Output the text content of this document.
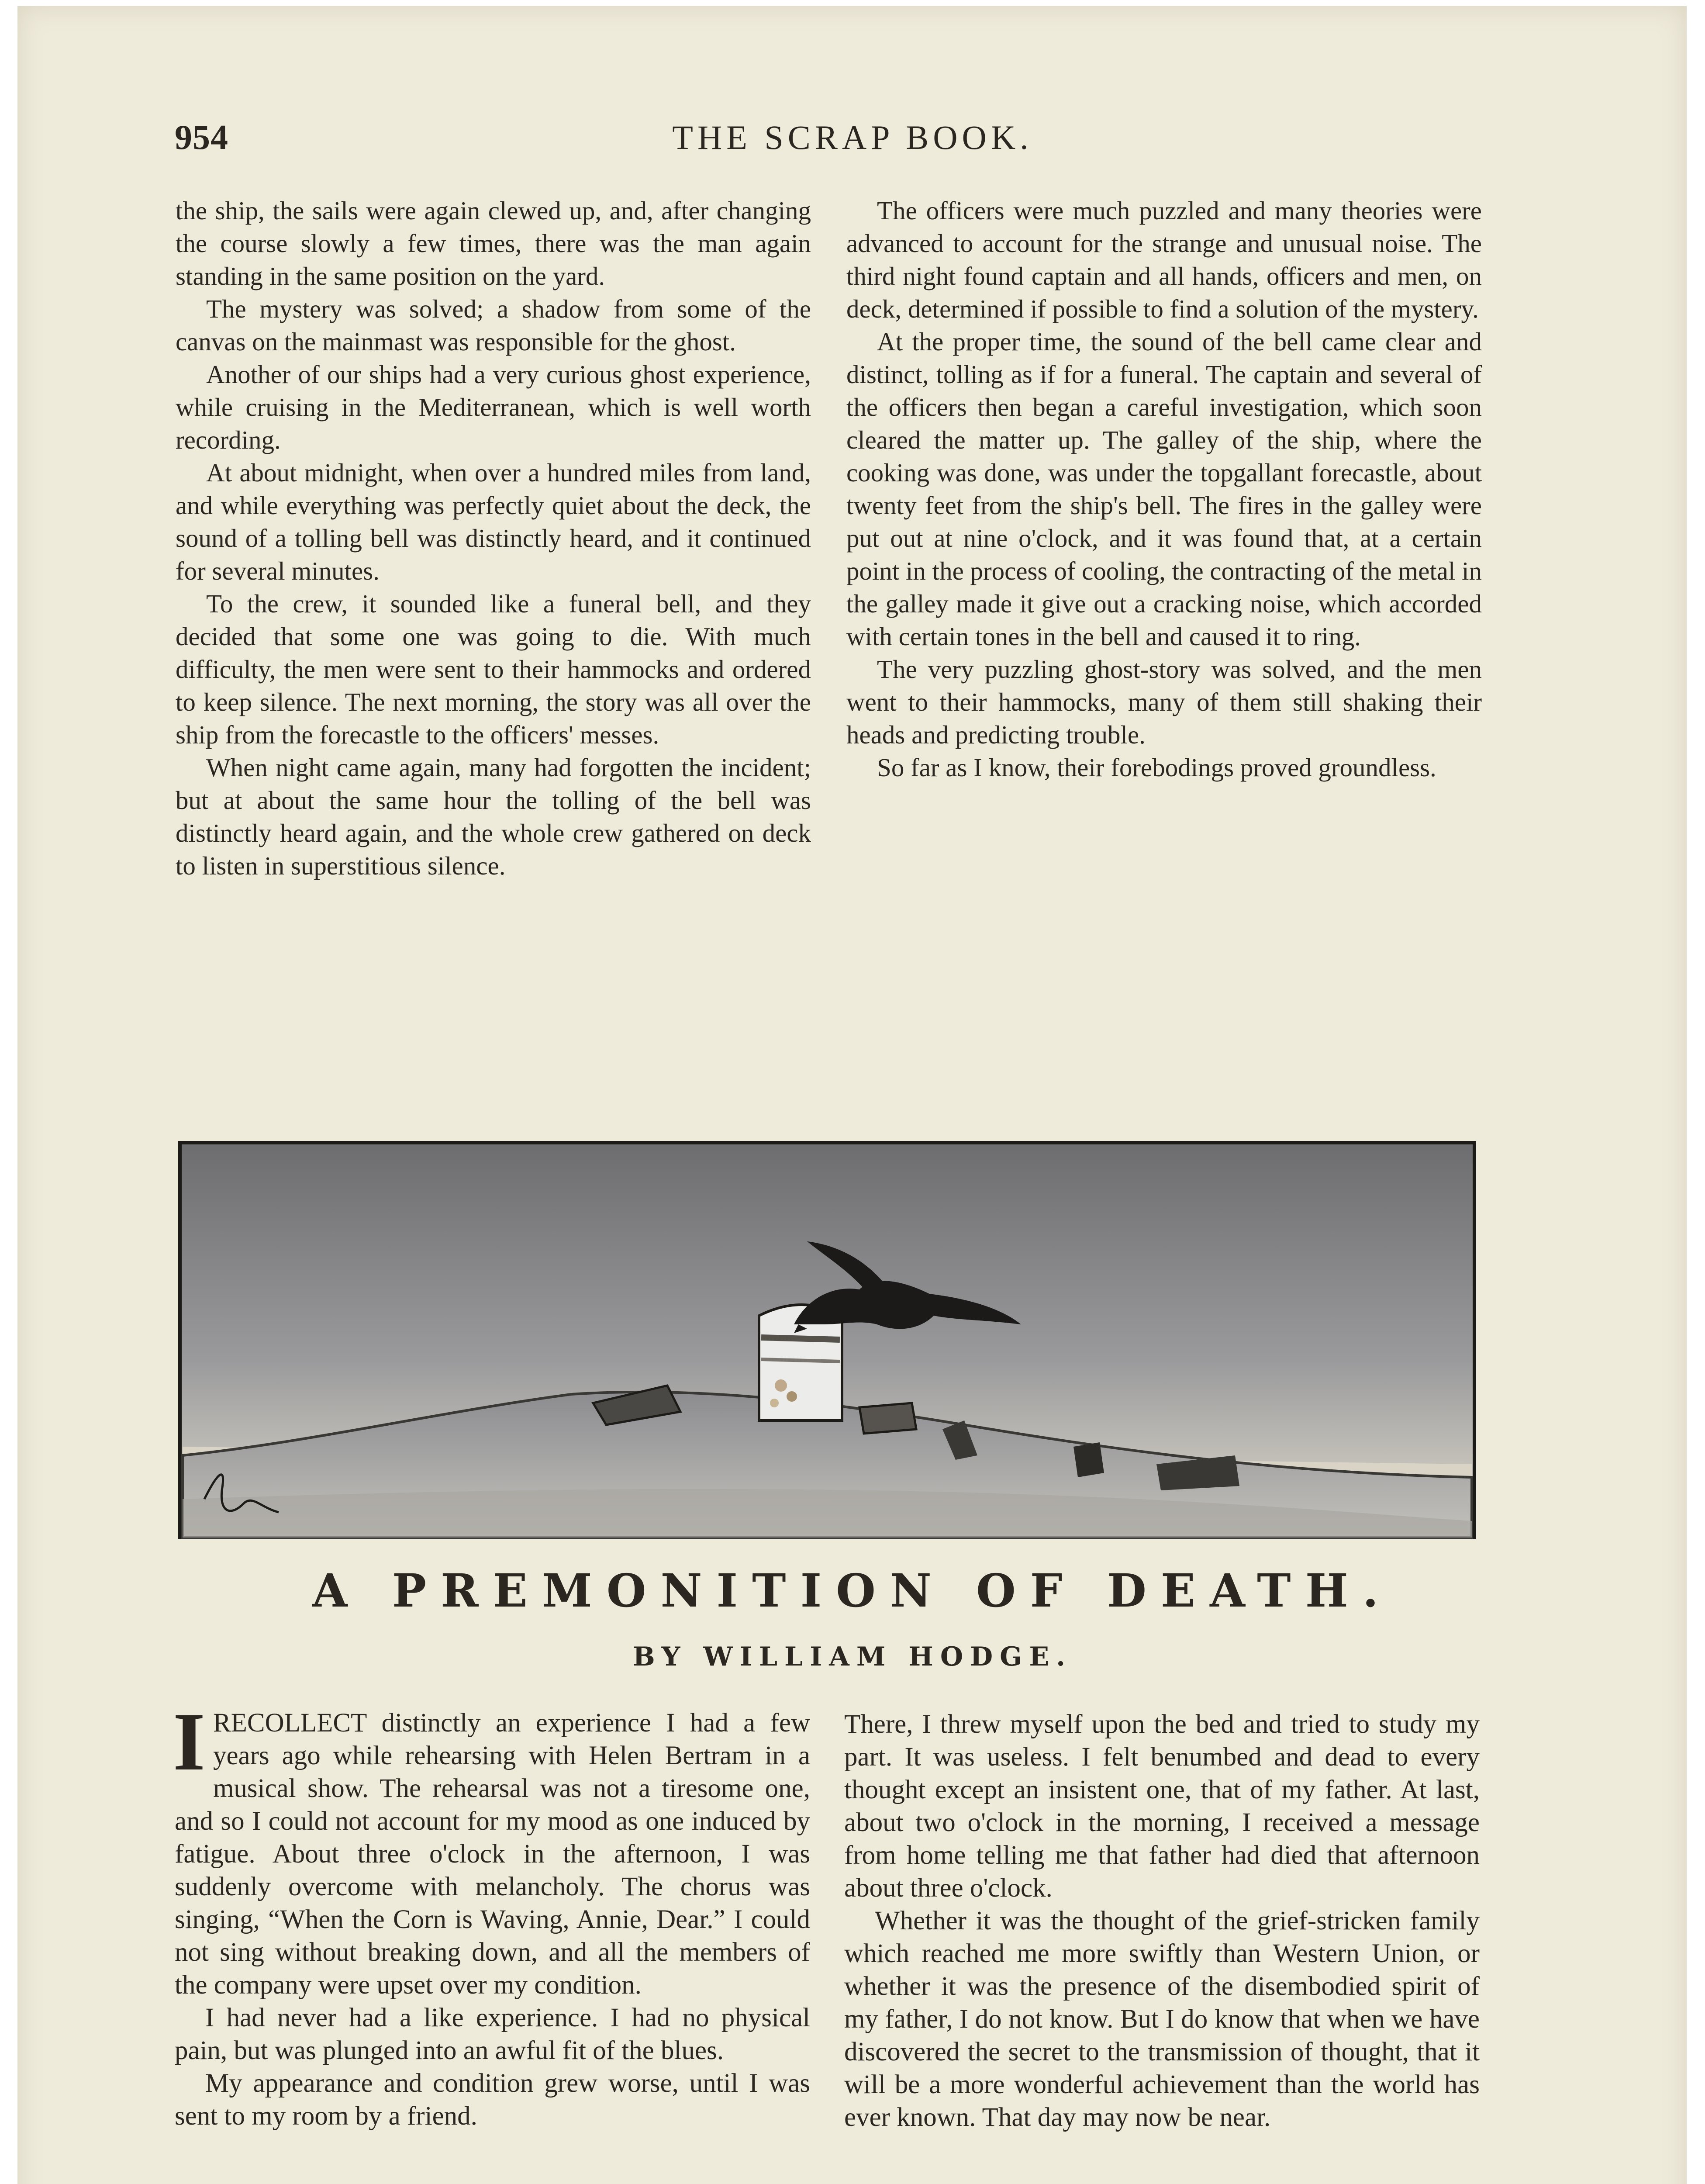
954	THE SCRAP BOOK.

the ship, the sails were again clewed up, and, after changing the course slowly a few times, there was the man again standing in the same position on the yard.

The mystery was solved; a shadow from some of the canvas on the mainmast was responsible for the ghost.

Another of our ships had a very curious ghost experience, while cruising in the Mediterranean, which is well worth recording.

At about midnight, when over a hundred miles from land, and while everything was perfectly quiet about the deck, the sound of a tolling bell was distinctly heard, and it continued for several minutes.

To the crew, it sounded like a funeral bell, and they decided that some one was going to die. With much difficulty, the men were sent to their hammocks and ordered to keep silence. The next morning, the story was all over the ship from the forecastle to the officers' messes.

When night came again, many had forgotten the incident; but at about the same hour the tolling of the bell was distinctly heard again, and the whole crew gathered on deck to listen in superstitious silence.

The officers were much puzzled and many theories were advanced to account for the strange and unusual noise. The third night found captain and all hands, officers and men, on deck, determined if possible to find a solution of the mystery.

At the proper time, the sound of the bell came clear and distinct, tolling as if for a funeral. The captain and several of the officers then began a careful investigation, which soon cleared the matter up. The galley of the ship, where the cooking was done, was under the topgallant forecastle, about twenty feet from the ship's bell. The fires in the galley were put out at nine o'clock, and it was found that, at a certain point in the process of cooling, the contracting of the metal in the galley made it give out a cracking noise, which accorded with certain tones in the bell and caused it to ring.

The very puzzling ghost-story was solved, and the men went to their hammocks, many of them still shaking their heads and predicting trouble.

So far as I know, their forebodings proved groundless.

A PREMONITION OF DEATH.
BY WILLIAM HODGE.

IRECOLLECT distinctly an experience I had a few years ago while rehearsing with Helen Bertram in a musical show. The rehearsal was not a tiresome one, and so I could not account for my mood as one induced by fatigue. About three o'clock in the afternoon, I was suddenly overcome with melancholy. The chorus was singing, “When the Corn is Waving, Annie, Dear.” I could not sing without breaking down, and all the members of the company were upset over my condition.

I had never had a like experience. I had no physical pain, but was plunged into an awful fit of the blues.

My appearance and condition grew worse, until I was sent to my room by a friend.

There, I threw myself upon the bed and tried to study my part. It was useless. I felt benumbed and dead to every thought except an insistent one, that of my father. At last, about two o'clock in the morning, I received a message from home telling me that father had died that afternoon about three o'clock.

Whether it was the thought of the grief-stricken family which reached me more swiftly than Western Union, or whether it was the presence of the disembodied spirit of my father, I do not know. But I do know that when we have discovered the secret to the transmission of thought, that it will be a more wonderful achievement than the world has ever known. That day may now be near.
